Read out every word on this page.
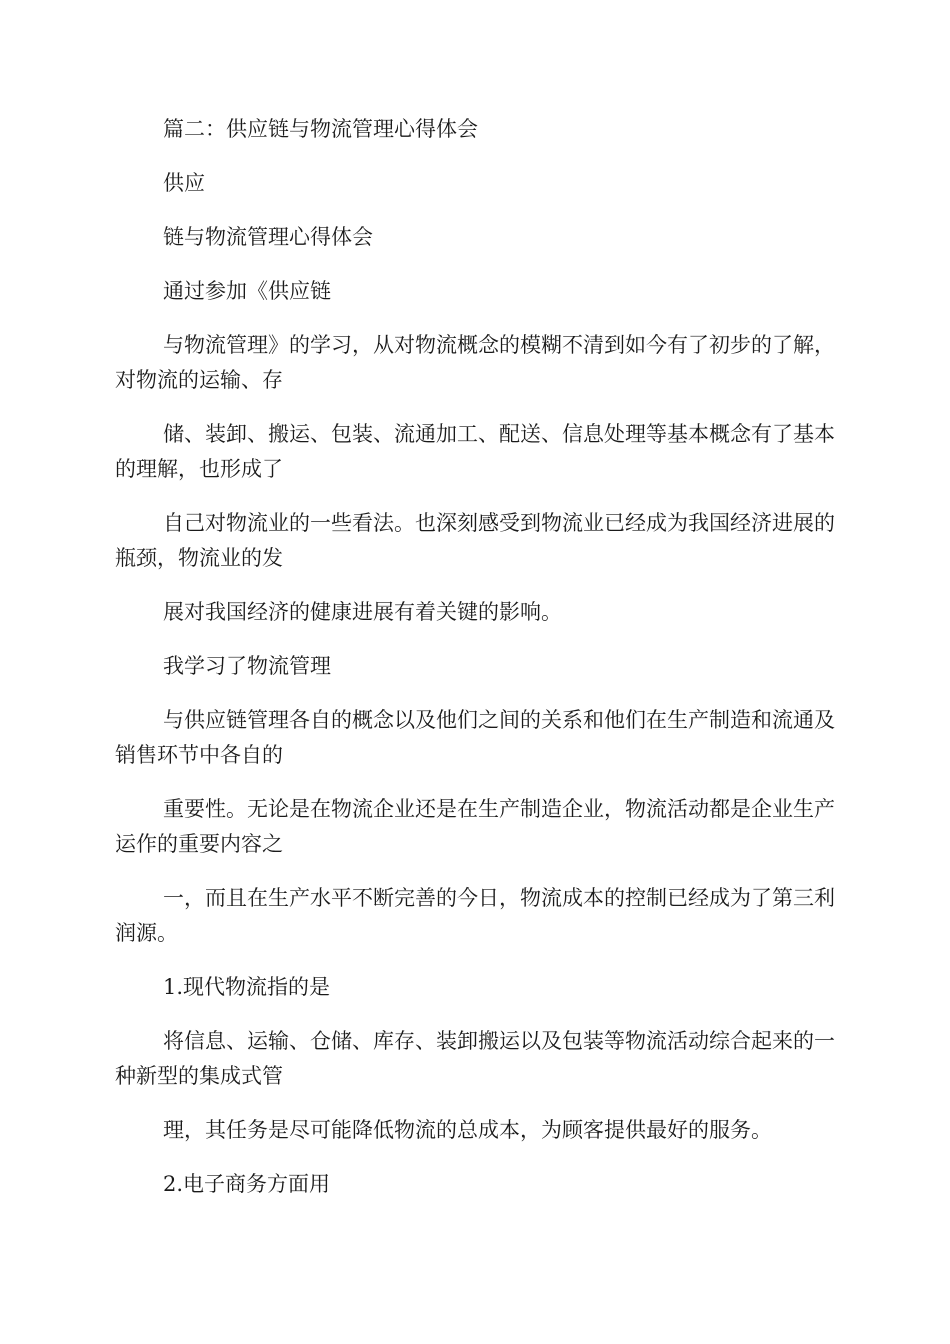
篇二：供应链与物流管理心得体会

供应

链与物流管理心得体会

通过参加《供应链

与物流管理》的学习，从对物流概念的模糊不清到如今有了初步的了解，对物流的运输、存

储、装卸、搬运、包装、流通加工、配送、信息处理等基本概念有了基本的理解，也形成了

自己对物流业的一些看法。也深刻感受到物流业已经成为我国经济进展的瓶颈，物流业的发

展对我国经济的健康进展有着关键的影响。

我学习了物流管理

与供应链管理各自的概念以及他们之间的关系和他们在生产制造和流通及销售环节中各自的

重要性。无论是在物流企业还是在生产制造企业，物流活动都是企业生产运作的重要内容之

一，而且在生产水平不断完善的今日，物流成本的控制已经成为了第三利润源。

1.现代物流指的是

将信息、运输、仓储、库存、装卸搬运以及包装等物流活动综合起来的一种新型的集成式管

理，其任务是尽可能降低物流的总成本，为顾客提供最好的服务。

2.电子商务方面用
